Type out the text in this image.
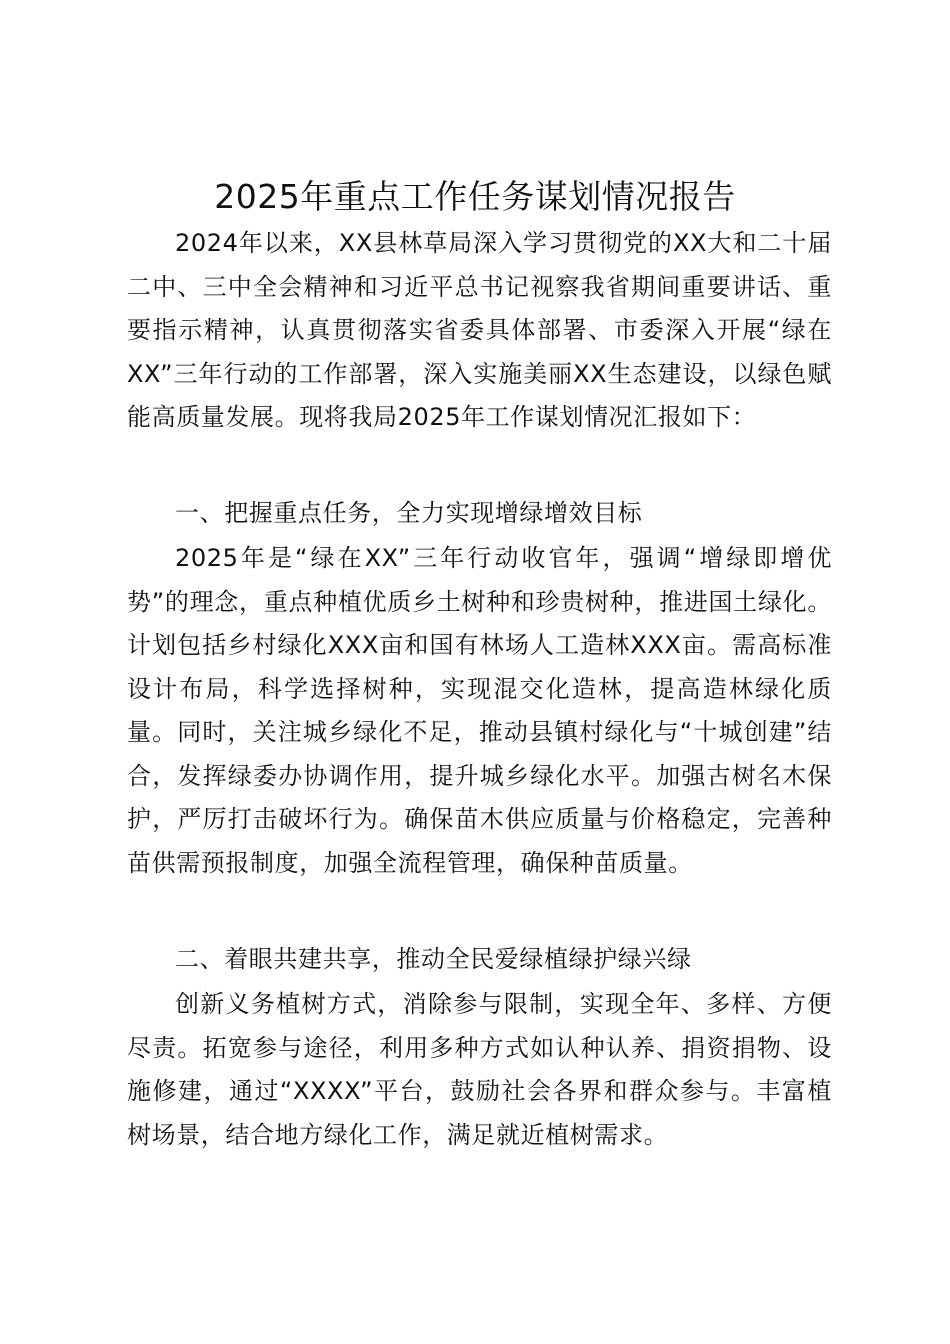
2025年重点工作任务谋划情况报告

2024年以来，XX县林草局深入学习贯彻党的XX大和二十届二中、三中全会精神和习近平总书记视察我省期间重要讲话、重要指示精神，认真贯彻落实省委具体部署、市委深入开展“绿在XX”三年行动的工作部署，深入实施美丽XX生态建设，以绿色赋能高质量发展。现将我局2025年工作谋划情况汇报如下：

一、把握重点任务，全力实现增绿增效目标

2025年是“绿在XX”三年行动收官年，强调“增绿即增优势”的理念，重点种植优质乡土树种和珍贵树种，推进国土绿化。计划包括乡村绿化XXX亩和国有林场人工造林XXX亩。需高标准设计布局，科学选择树种，实现混交化造林，提高造林绿化质量。同时，关注城乡绿化不足，推动县镇村绿化与“十城创建”结合，发挥绿委办协调作用，提升城乡绿化水平。加强古树名木保护，严厉打击破坏行为。确保苗木供应质量与价格稳定，完善种苗供需预报制度，加强全流程管理，确保种苗质量。

二、着眼共建共享，推动全民爱绿植绿护绿兴绿

创新义务植树方式，消除参与限制，实现全年、多样、方便尽责。拓宽参与途径，利用多种方式如认种认养、捐资捐物、设施修建，通过“XXXX”平台，鼓励社会各界和群众参与。丰富植树场景，结合地方绿化工作，满足就近植树需求。
